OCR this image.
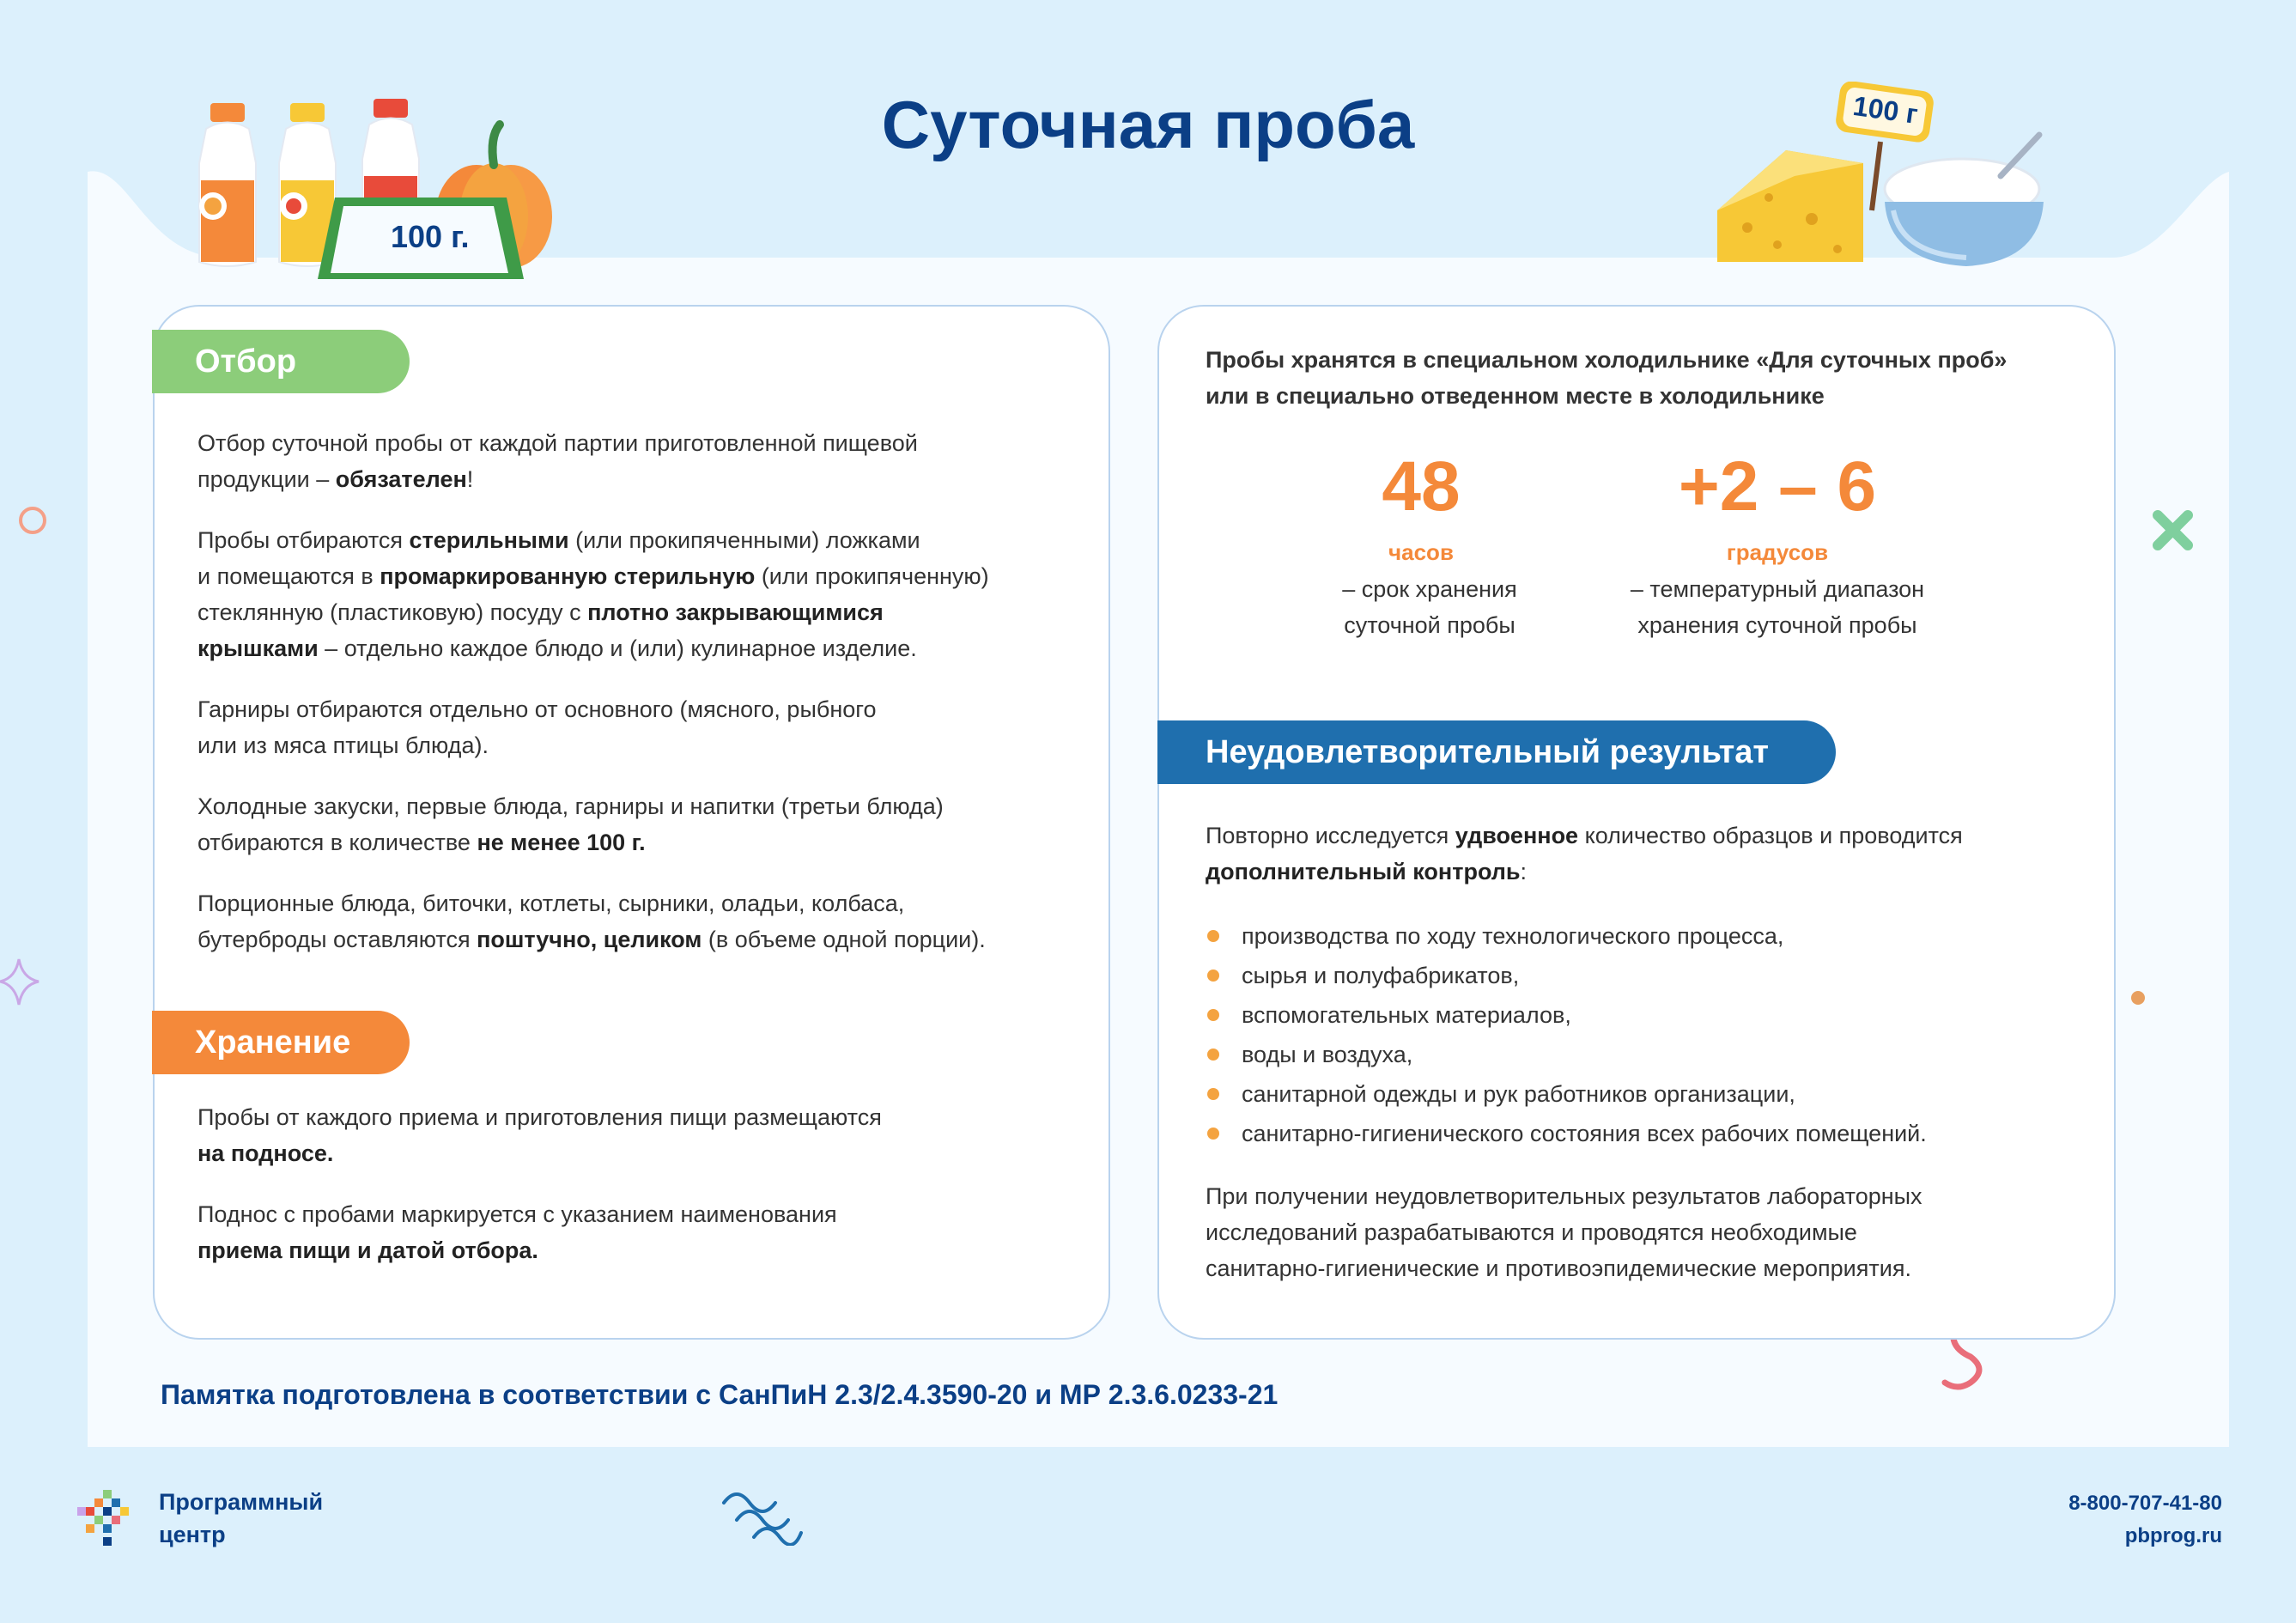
Суточная проба
100 г.
100 г
Отбор

Отбор суточной пробы от каждой партии приготовленной пищевой
продукции – обязателен!

Пробы отбираются стерильными (или прокипяченными) ложками
и помещаются в промаркированную стерильную (или прокипяченную)
стеклянную (пластиковую) посуду с плотно закрывающимися
крышками – отдельно каждое блюдо и (или) кулинарное изделие.

Гарниры отбираются отдельно от основного (мясного, рыбного
или из мяса птицы блюда).

Холодные закуски, первые блюда, гарниры и напитки (третьи блюда)
отбираются в количестве не менее 100 г.

Порционные блюда, биточки, котлеты, сырники, оладьи, колбаса,
бутерброды оставляются поштучно, целиком (в объеме одной порции).

Хранение

Пробы от каждого приема и приготовления пищи размещаются
на подносе.

Поднос с пробами маркируется с указанием наименования
приема пищи и датой отбора.

Пробы хранятся в специальном холодильнике «Для суточных проб»
или в специально отведенном месте в холодильнике
48
часов
– срок хранения
суточной пробы
+2 – 6
градусов
– температурный диапазон
хранения суточной пробы
Неудовлетворительный результат
Повторно исследуется удвоенное количество образцов и проводится
дополнительный контроль:
производства по ходу технологического процесса,
сырья и полуфабрикатов,
вспомогательных материалов,
воды и воздуха,
санитарной одежды и рук работников организации,
санитарно-гигиенического состояния всех рабочих помещений.
При получении неудовлетворительных результатов лабораторных
исследований разрабатываются и проводятся необходимые
санитарно-гигиенические и противоэпидемические мероприятия.
Памятка подготовлена в соответствии с СанПиН 2.3/2.4.3590-20 и МР 2.3.6.0233-21
Программный
центр
8-800-707-41-80
pbprog.ru
